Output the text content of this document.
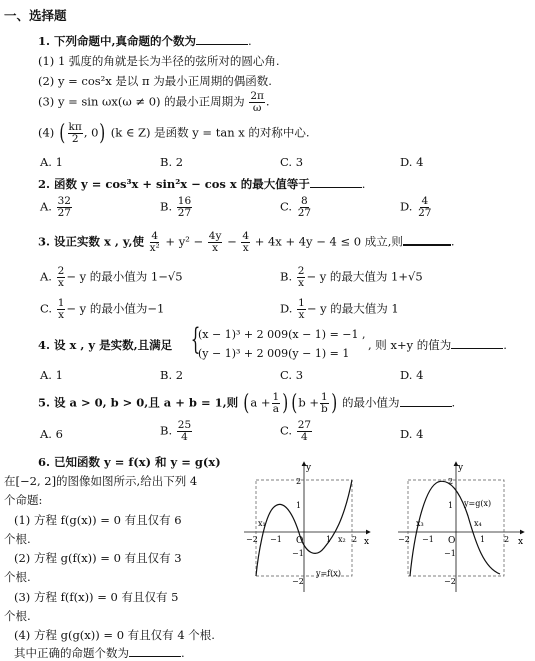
一、选择题
1. 下列命题中,真命题的个数为	.
(1) 1 弧度的角就是长为半径的弦所对的圆心角.
(2) y = cos²x 是以 π 为最小正周期的偶函数.
(3) y = sin ωx(ω ≠ 0) 的最小正周期为 $\frac{2\pi}{\omega}$ .
(4) ( $\frac{k\pi}{2}$ , 0) (k ∈ Z) 是函数 y = tan x 的对称中心.
A. 1	B. 2	C. 3	D. 4
2. 函数 y = cos³x + sin²x − cos x 的最大值等于	.
A. $\frac{32}{27}$	B. $\frac{16}{27}$	C. $\frac{8}{27}$	D. $\frac{4}{27}$
3. 设正实数 x , y,使 $\frac{4}{\text{x²}} + y^2 - \frac{4y}{x} - \frac{4}{x} + 4x + 4y - 4 \le 0$ 成立,则	.
A. $\frac{2}{x} - y$ 的最小值为 1−√5	B. $\frac{2}{x} - y$ 的最大值为 1+√5
C. $\frac{1}{x} - y$ 的最小值为−1	D. $\frac{1}{x} - y$ 的最大值为 1
4. 设 x , y 是实数,且满足 {
(x − 1)³ + 2 009(x − 1) = −1 ,
(y − 1)³ + 2 009(y − 1) = 1
, 则 x+y 的值为	.
A. 1	B. 2	C. 3	D. 4
5. 设 a > 0, b > 0,且 a + b = 1,则 ($a + \frac{1}{a}$ ) ($b + \frac{1}{b}$ ) 的最小值为	.
A. 6	B. $\frac{25}{4}$	C. $\frac{27}{4}$	D. 4
6. 已知函数 y = f(x) 和 y = g(x)
在[−2, 2]的图像如图所示,给出下列 4
个命题:
(1) 方程 f(g(x)) = 0 有且仅有 6
个根.
(2) 方程 g(f(x)) = 0 有且仅有 3
个根.
(3) 方程 f(f(x)) = 0 有且仅有 5
个根.
(4) 方程 g(g(x)) = 0 有且仅有 4 个根.
其中正确的命题个数为	.
y
x
O
−2 −1	1	2
2
1
−1
−2
x₁
x₂
y=f(x)
y
x
O
−2 −1	1 2
2
1
−1
−2
x₃	x₄
y=g(x)
